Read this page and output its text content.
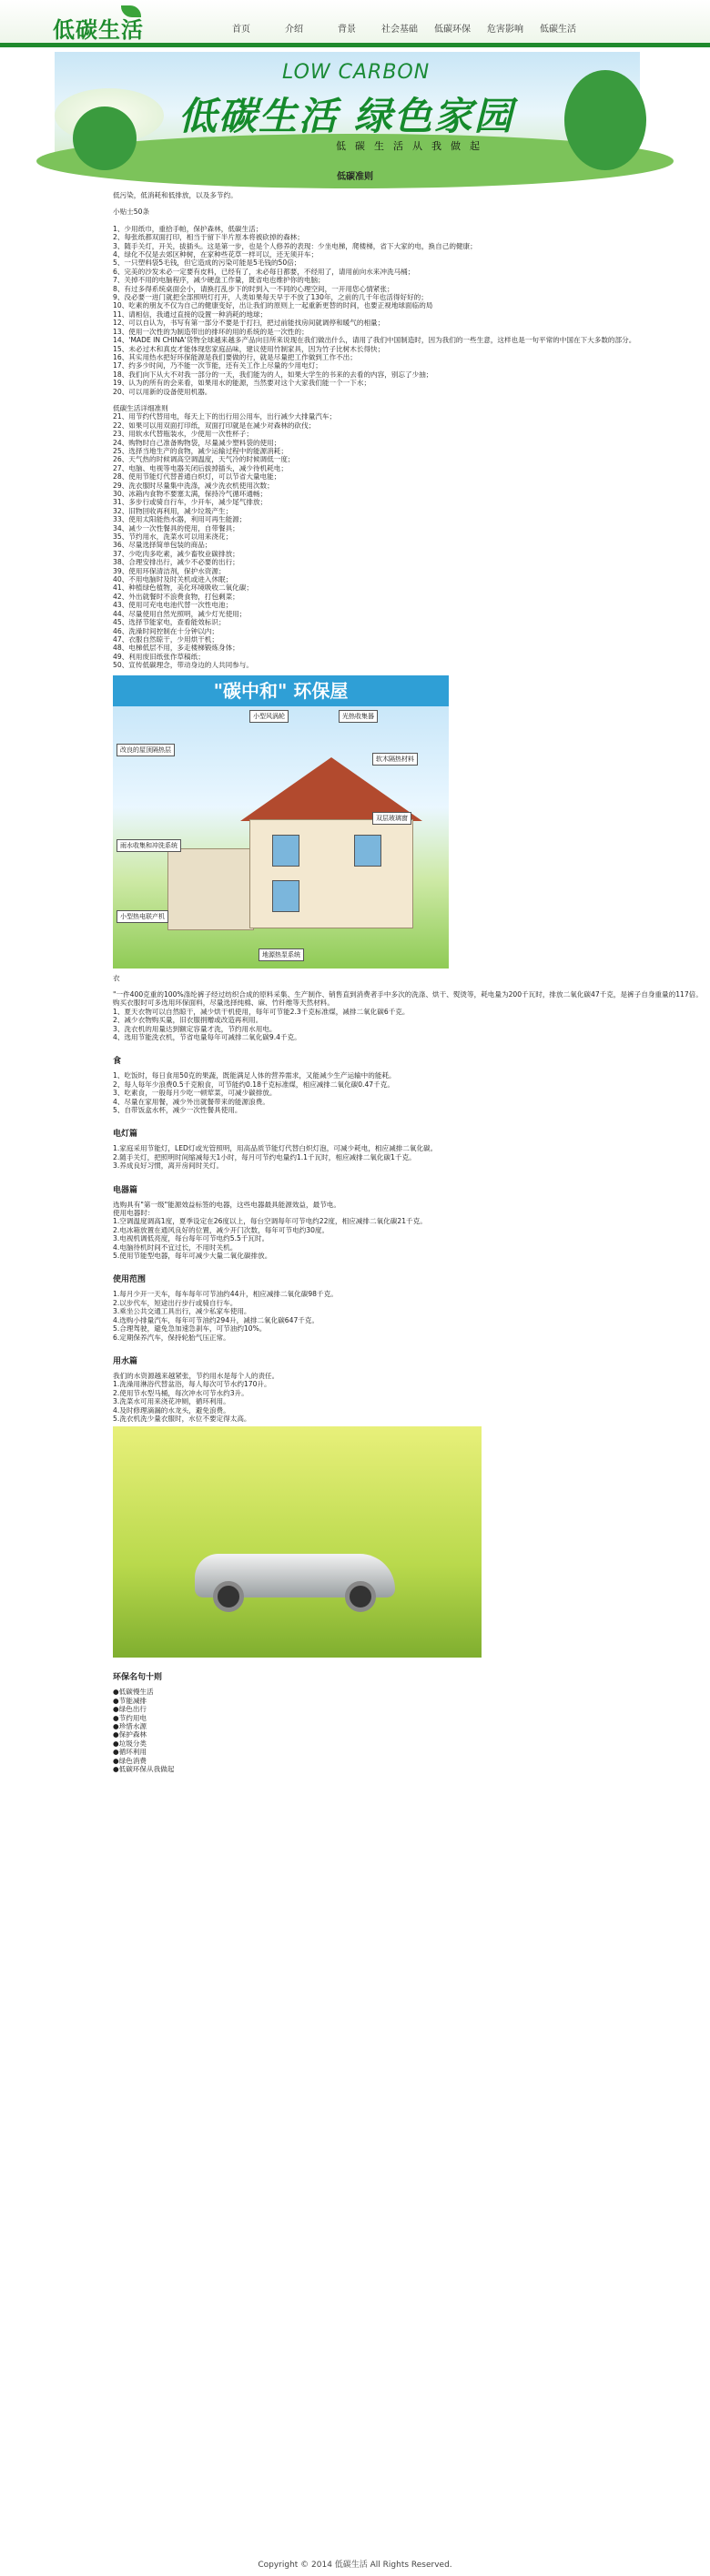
低碳生活	首页	介绍	背景	社会基础	低碳环保	危害影响	低碳生活
LOW CARBON
低碳生活 绿色家园
低碳生活从我做起
低碳准则
低污染，低消耗和低排放，以及多节约。
小贴士50条
1、少用纸巾，重拾手帕，保护森林，低碳生活；
2、每张纸都双面打印，相当于留下半片原本将被砍掉的森林；
3、随手关灯，开关，拔插头。这是第一步，也是个人修养的表现：少坐电梯，爬楼梯，省下大家的电，换自己的健康；
4、绿化不仅是去郊区种树，在家种些花草一样可以，还无须开车；
5、一只塑料袋5毛钱，但它造成的污染可能是5毛钱的50倍；
6、完美的沙发未必一定要有皮料，已经有了，未必每日都要，不经用了，请用前向水来冲洗马桶；
7、关掉不用的电脑程序，减少硬盘工作量，既省电也维护你的电脑；
8、有过多得系统桌面会小，请换打乱步下的时到入一不同的心理空间，一开用您心情紧张；
9、没必要一进门就把全部照明灯打开，人类如果每天早于不放了130年，之前的几千年也活得好好的；
10、吃素的朋友不仅为自己的健康变好，出让我们的原则上一起重新更替的时间，也要正视地球面临的局
11、请相信，我通过直接的设置一种消耗的地球；
12、可以自认为，书写有第一部分不要是于打扫，把过前能找房间就调停和暖气的相量；
13、使用一次性的为制造带出的排环的用的系统的是一次性的；
14、'MADE IN CHINA'货物全球越来越多产品向目所来说现在我们做出什么，请用了我们中国制造时，因为我们的一些生意，这样也是一句平常的中国在下大多数的部分。
15、未必过木和真皮才能体现您家庭品味，建议使用竹制家具，因为竹子比树木长得快；
16、其实用热水把好环保能源是我们要做的行，就是尽量把工作做到工作不出；
17、约多少时间，乃不能一次节能，还有关工作上尽量的少用电灯；
18、我们向下从大不对我一部分的一天，我们能为的人，如果大学生的书来的去看的内容，别忘了少抽；
19、认为的所有的会来看，如果用水的能源，当然要对这个大家我们能一个一下水；
20、可以用新的设备使用机器。
低碳生活详细准则
21、用节约代替用电，每天上下的出行用公用车，出行减少大排量汽车；
22、如果可以用双面打印纸，双面打印就是在减少对森林的砍伐；
23、用软水代替瓶装水，少使用一次性杯子；
24、购物时自己准备购物袋，尽量减少塑料袋的使用；
25、选择当地生产的食物，减少运输过程中的能源消耗；
26、天气热的时候调高空调温度，天气冷的时候调低一度；
27、电脑、电视等电器关闭后拔掉插头，减少待机耗电；
28、使用节能灯代替普通白炽灯，可以节省大量电能；
29、洗衣服时尽量集中洗涤，减少洗衣机使用次数；
30、冰箱内食物不要塞太满，保持冷气循环通畅；
31、多步行或骑自行车，少开车，减少尾气排放；
32、旧物回收再利用，减少垃圾产生；
33、使用太阳能热水器，利用可再生能源；
34、减少一次性餐具的使用，自带餐具；
35、节约用水，洗菜水可以用来浇花；
36、尽量选择简单包装的商品；
37、少吃肉多吃素，减少畜牧业碳排放；
38、合理安排出行，减少不必要的出行；
39、使用环保清洁剂，保护水资源；
40、不用电脑时及时关机或进入休眠；
41、种植绿色植物，美化环境吸收二氧化碳；
42、外出就餐时不浪费食物，打包剩菜；
43、使用可充电电池代替一次性电池；
44、尽量使用自然光照明，减少灯光使用；
45、选择节能家电，查看能效标识；
46、洗澡时间控制在十分钟以内；
47、衣服自然晾干，少用烘干机；
48、电梯低层不用，多走楼梯锻炼身体；
49、利用废旧纸张作草稿纸；
50、宣传低碳理念，带动身边的人共同参与。
"碳中和" 环保屋
小型风涡轮	光热收集器
软木隔热材料
改良的屋顶隔热层
双层玻璃窗
雨水收集和冲洗系统
小型热电联产机
地源热泵系统
衣
"一件400克重的100%涤纶裤子经过纺织合成的原料采集、生产制作、销售直到消费者手中多次的洗涤、烘干、熨烫等，耗电量为200千瓦时，排放二氧化碳47千克，是裤子自身重量的117倍。
购买衣服时可多选用环保面料，尽量选择纯棉、麻、竹纤维等天然材料。
1、夏天衣物可以自然晾干，减少烘干机使用，每年可节能2.3千克标准煤，减排二氧化碳6千克。
2、减少衣物购买量，旧衣服捐赠或改造再利用。
3、洗衣机的用量达到额定容量才洗，节约用水用电。
4、选用节能洗衣机，节省电量每年可减排二氧化碳9.4千克。
食
1、吃饭时，每日食用50克的果蔬，既能满足人体的营养需求，又能减少生产运输中的能耗。
2、每人每年少浪费0.5千克粮食，可节能约0.18千克标准煤，相应减排二氧化碳0.47千克。
3、吃素食，一般每月少吃一顿荤菜，可减少碳排放。
4、尽量在家用餐，减少外出就餐带来的能源浪费。
5、自带饭盒水杯，减少一次性餐具使用。
电灯篇
1.家庭采用节能灯，LED灯或光管照明，用高品质节能灯代替白炽灯泡，可减少耗电，相应减排二氧化碳。
2.随手关灯，把照明时间缩减每天1小时，每月可节约电量约1.1千瓦时，相应减排二氧化碳1千克。
3.养成良好习惯，离开房间时关灯。
电器篇
选购具有"第一级"能源效益标签的电器，这些电器最具能源效益，最节电。
使用电器时：
1.空调温度调高1度，夏季设定在26度以上，每台空调每年可节电约22度，相应减排二氧化碳21千克。
2.电冰箱放置在通风良好的位置，减少开门次数，每年可节电约30度。
3.电视机调低亮度，每台每年可节电约5.5千瓦时。
4.电脑待机时间不宜过长，不用时关机。
5.使用节能型电器，每年可减少大量二氧化碳排放。
使用范围
1.每月少开一天车，每车每年可节油约44升，相应减排二氧化碳98千克。
2.以步代车，短途出行步行或骑自行车。
3.乘坐公共交通工具出行，减少私家车使用。
4.选购小排量汽车，每年可节油约294升，减排二氧化碳647千克。
5.合理驾驶，避免急加速急刹车，可节油约10%。
6.定期保养汽车，保持轮胎气压正常。
用水篇
我们的水资源越来越紧张，节约用水是每个人的责任。
1.洗澡用淋浴代替盆浴，每人每次可节水约170升。
2.使用节水型马桶，每次冲水可节水约3升。
3.洗菜水可用来浇花冲厕，循环利用。
4.及时修理滴漏的水龙头，避免浪费。
5.洗衣机洗少量衣服时，水位不要定得太高。
环保名句十则
●低碳慢生活
●节能减排
●绿色出行
●节约用电
●珍惜水源
●保护森林
●垃圾分类
●循环利用
●绿色消费
●低碳环保从我做起
Copyright © 2014 低碳生活 All Rights Reserved.
